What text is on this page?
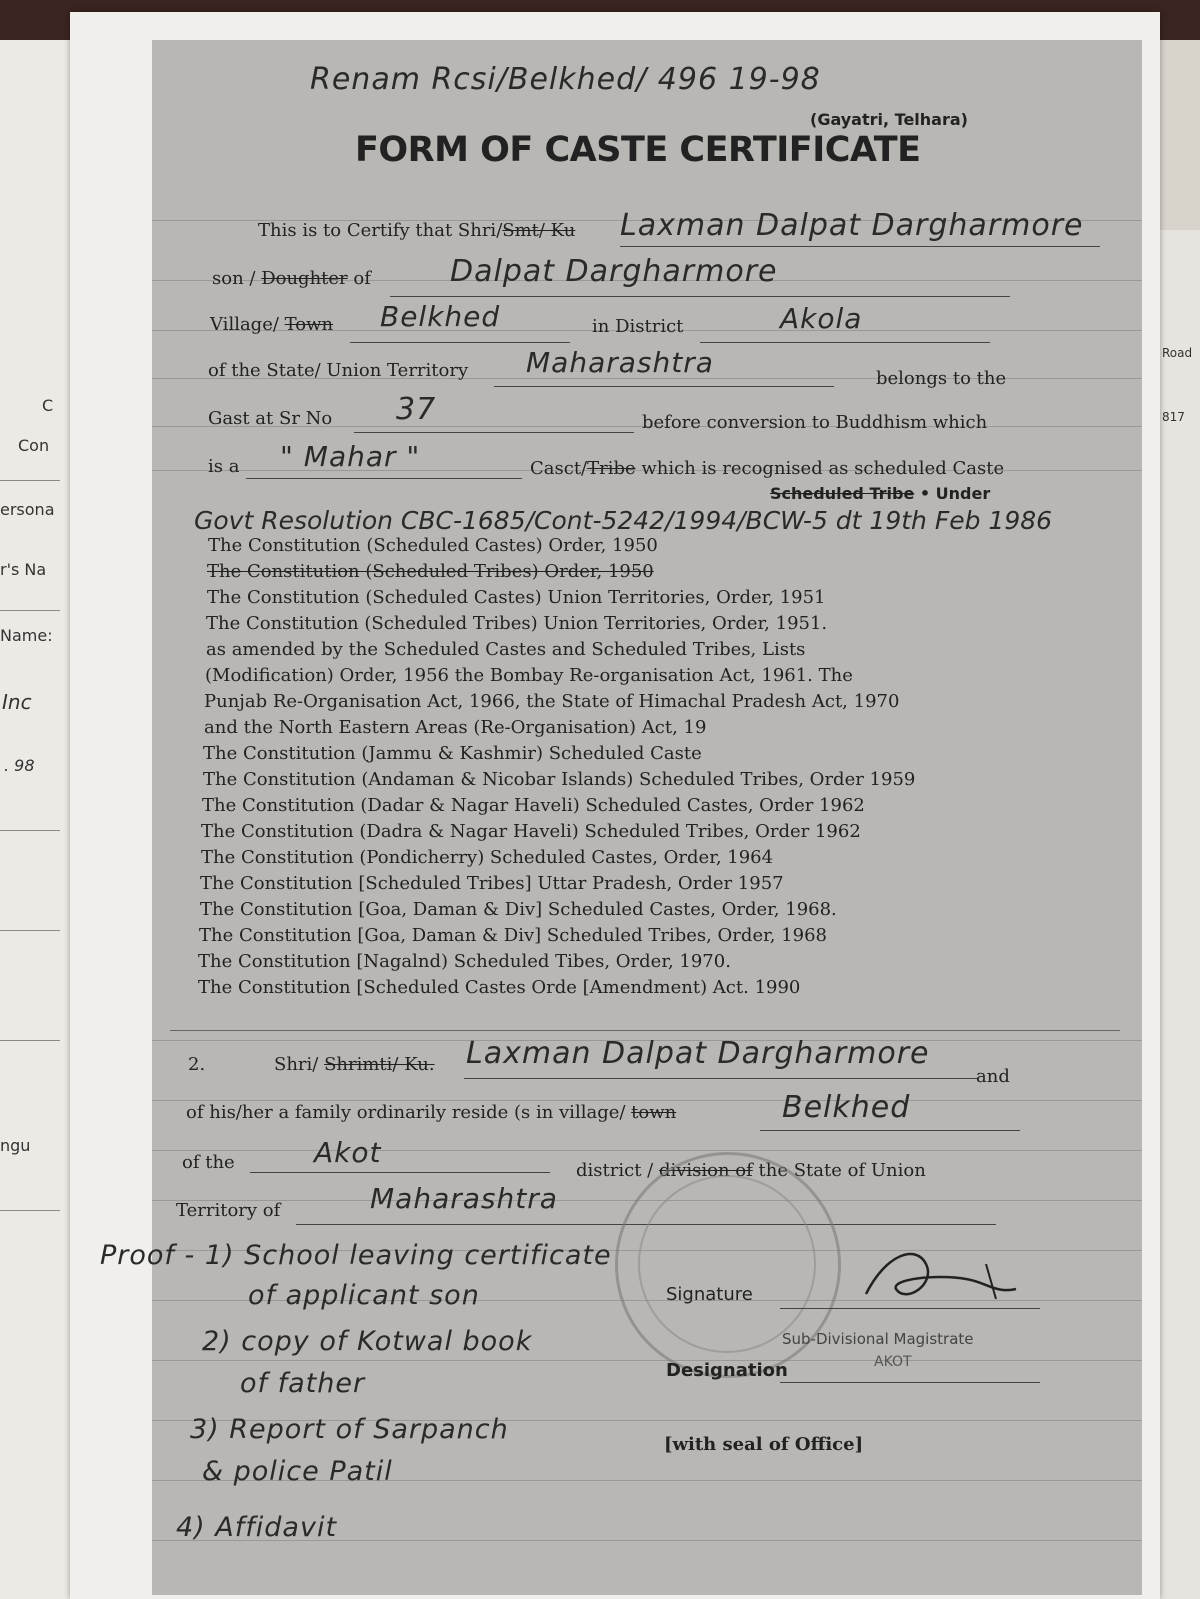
C
Con
ersona
r's Na
Name:
Inc
. 98
ngu
Road
817
Renam Rcsi/Belkhed/ 496 19-98
(Gayatri, Telhara)
FORM OF CASTE CERTIFICATE
This is to Certify that Shri/Smt/ Ku Laxman Dalpat Dargharmore
son / Doughter of	Dalpat Dargharmore
Village/ Town Belkhed	in District	Akola
of the State/ Union Territory Maharashtra	belongs to the
Gast at Sr No 37	before conversion to Buddhism which
is a " Mahar "	Casct/Tribe which is recognised as scheduled Caste
Scheduled Tribe • Under
Govt Resolution CBC-1685/Cont-5242/1994/BCW-5 dt 19th Feb 1986
The Constitution (Scheduled Castes) Order, 1950
The Constitution (Scheduled Tribes) Order, 1950
The Constitution (Scheduled Castes) Union Territories, Order, 1951
The Constitution (Scheduled Tribes) Union Territories, Order, 1951.
as amended by the Scheduled Castes and Scheduled Tribes, Lists
(Modification) Order, 1956 the Bombay Re-organisation Act, 1961. The
Punjab Re-Organisation Act, 1966, the State of Himachal Pradesh Act, 1970
and the North Eastern Areas (Re-Organisation) Act, 19
The Constitution (Jammu & Kashmir) Scheduled Caste
The Constitution (Andaman & Nicobar Islands) Scheduled Tribes, Order 1959
The Constitution (Dadar & Nagar Haveli) Scheduled Castes, Order 1962
The Constitution (Dadra & Nagar Haveli) Scheduled Tribes, Order 1962
The Constitution (Pondicherry) Scheduled Castes, Order, 1964
The Constitution [Scheduled Tribes] Uttar Pradesh, Order 1957
The Constitution [Goa, Daman & Div] Scheduled Castes, Order, 1968.
The Constitution [Goa, Daman & Div] Scheduled Tribes, Order, 1968
The Constitution [Nagalnd) Scheduled Tibes, Order, 1970.
The Constitution [Scheduled Castes Orde [Amendment) Act. 1990
2.	Shri/ Shrimti/ Ku. Laxman Dalpat Dargharmore
and
of his/her a family ordinarily reside (s in village/ town	Belkhed
of the	Akot
district / division of the State of Union
Territory of	Maharashtra
Proof - 1) School leaving certificate
of applicant son
2) copy of Kotwal book
of father
3) Report of Sarpanch
& police Patil
4) Affidavit
Signature
Designation
Sub-Divisional Magistrate
AKOT
[with seal of Office]
